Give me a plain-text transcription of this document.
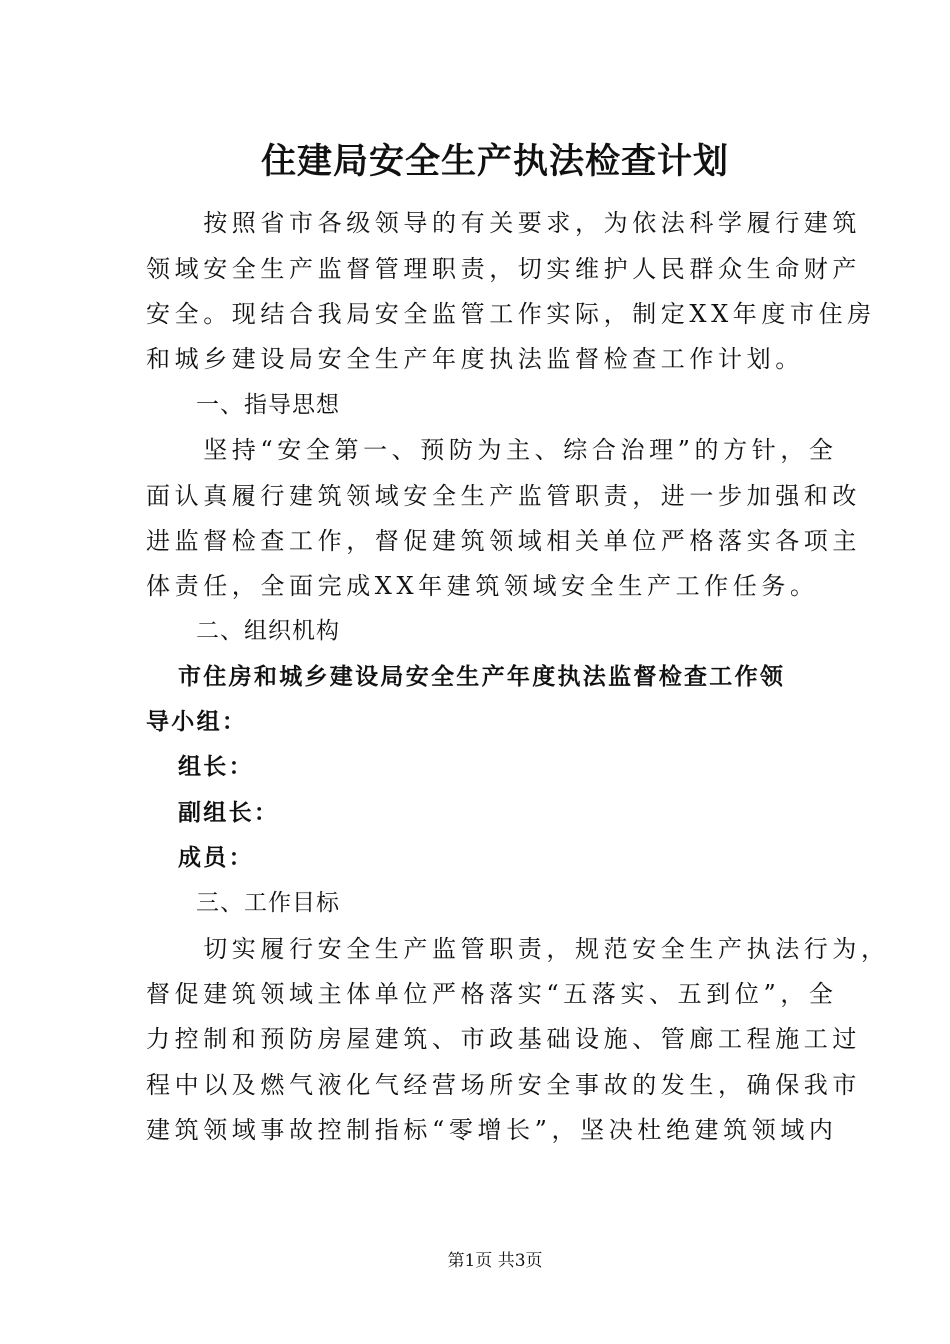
住建局安全生产执法检查计划
　　按照省市各级领导的有关要求，为依法科学履行建筑
领域安全生产监督管理职责，切实维护人民群众生命财产
安全。现结合我局安全监管工作实际，制定XX年度市住房
和城乡建设局安全生产年度执法监督检查工作计划。
一、指导思想
　　坚持“安全第一、预防为主、综合治理”的方针，全
面认真履行建筑领域安全生产监管职责，进一步加强和改
进监督检查工作，督促建筑领域相关单位严格落实各项主
体责任，全面完成XX年建筑领域安全生产工作任务。
二、组织机构
市住房和城乡建设局安全生产年度执法监督检查工作领
导小组：
组长：
副组长：
成员：
三、工作目标
　　切实履行安全生产监管职责，规范安全生产执法行为，
督促建筑领域主体单位严格落实“五落实、五到位”，全
力控制和预防房屋建筑、市政基础设施、管廊工程施工过
程中以及燃气液化气经营场所安全事故的发生，确保我市
建筑领域事故控制指标“零增长”，坚决杜绝建筑领域内
第1页 共3页
